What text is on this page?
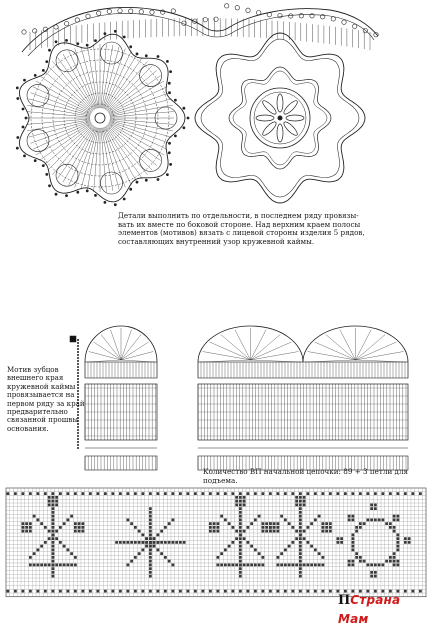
Детали выполнить по отдельности, в последнем ряду провязы-
вать их вместе по боковой стороне. Над верхним краем полосы
элементов (мотивов) вязать с лицевой стороны изделия 5 рядов,
составляющих внутренний узор кружевной каймы.
Мотив зубцов
внешнего края
кружевной каймы
провязывается на
первом ряду за край
предварительно
связанной прошвы
основания.
Количество ВП начальной цепочки: 89 + 3 петли для подъема.
ПСтрана Мам
